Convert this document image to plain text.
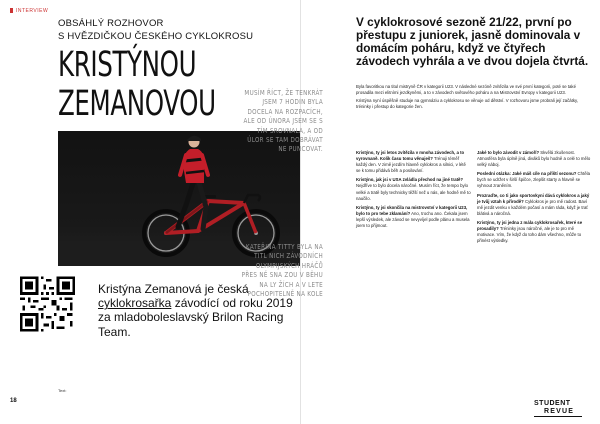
INTERVIEW
OBSÁHLÝ ROZHOVOR
S HVĚZDIČKOU ČESKÉHO CYKLOKROSU
KRISTÝNOU
ZEMANOVOU
Kristýna Zemanová je česká cyklokrosařka závodící od roku 2019 za mladoboleslavský Brilon Racing Team.
Text:
18
MUSÍM ŘÍCT, ŽE TENKRÁT JSEM 7 HODIN BYLA DOCELA NA ROZPACÍCH, ALE OD ÚNORA JSEM SE S TÍM SROVNALA, A OD ÚLOR SE TAM DOBRÁVAT NE PUNCOVAT.
KATEŘINA TITTY BYLA NA TITL NICH ZÁVODNÍCH OLYMPIJSKÝCH HRÁČŮ PŘES NĚ SNA ZOU V BĚHU NA LY ŽÍCH A V LETE POCHOPITELNĚ NA KOLE
V cyklokrosové sezoně 21/22, první po přestupu z juniorek, jasně dominovala v domácím poháru, když ve čtyřech závodech vyhrála a ve dvou dojela čtvrtá.

Byla favoritkou na titul mistryně ČR v kategorii U23. V následné sezóně zvítězila ve své první kategorii, poté se také prosadila mezi elitními jezdkyněmi, a to v závodech světového poháru a na Mistrovství Evropy v kategorii U23.

Kristýna nyní úspěšně studuje na gymnáziu a cyklokrosu se věnuje od dětství. V rozhovoru jsme probrali její začátky, tréninky i přestup do kategorie žen.

Kristýno, ty jsi letos zvítězila v mnoha závodech, a to vyrovnaně. Kolik času tomu věnuješ? Trénuji téměř každý den. V zimě jezdím hlavně cyklokros a silnici, v létě se k tomu přidává běh a posilování.

Kristýno, jak jsi v USA zvládla přechod na jiné tratě? Nejdříve to bylo docela náročné. Musím říct, že tempo bylo velké a tratě byly technicky těžší než u nás, ale hodně mě to naučilo.

Kristýno, ty jsi skončila na mistrovství v kategorii U23, bylo to pro tebe zklamání? Ano, trochu ano. Čekala jsem lepší výsledek, ale závod se nevyvíjel podle plánu a musela jsem to přijmout.

Jaké to bylo závodit v zámoří? Skvělá zkušenost. Atmosféra byla úplně jiná, diváků bylo hodně a celé to mělo velký náboj.

Poslední otázka: Jaké máš cíle na příští sezonu? Chtěla bych se udržet v širší špičce, zlepšit starty a hlavně se vyhnout zraněním.

Prozraďte, co ti jako sportovkyni dává cyklokros a jaký je tvůj vztah k přírodě? Cyklokros je pro mě radost. Baví mě jezdit venku v každém počasí a mám ráda, když je trať blátivá a náročná.

Kristýno, ty jsi jedna z mála cyklokrosařek, které se prosadily? Tréninky jsou náročné, ale je to pro mě motivace. Vím, že když do toho dám všechno, může to přinést výsledky.

STUDENT
REVUE
